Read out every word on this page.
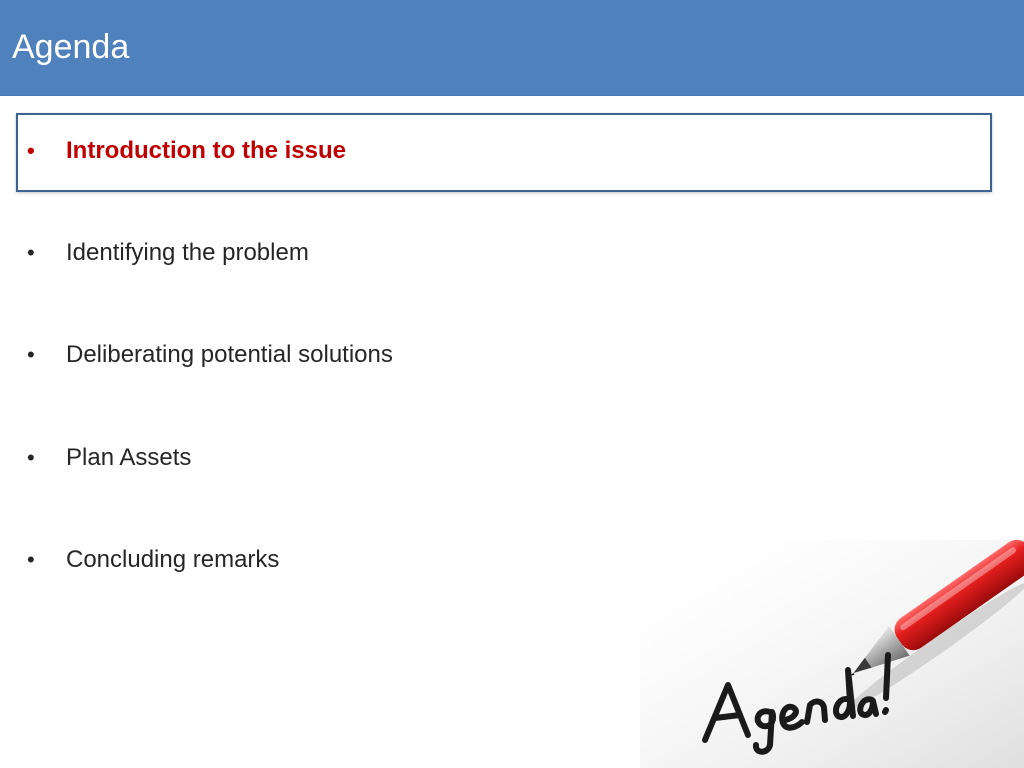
Agenda
•	Introduction to the issue
•	Identifying the problem
•	Deliberating potential solutions
•	Plan Assets
•	Concluding remarks
